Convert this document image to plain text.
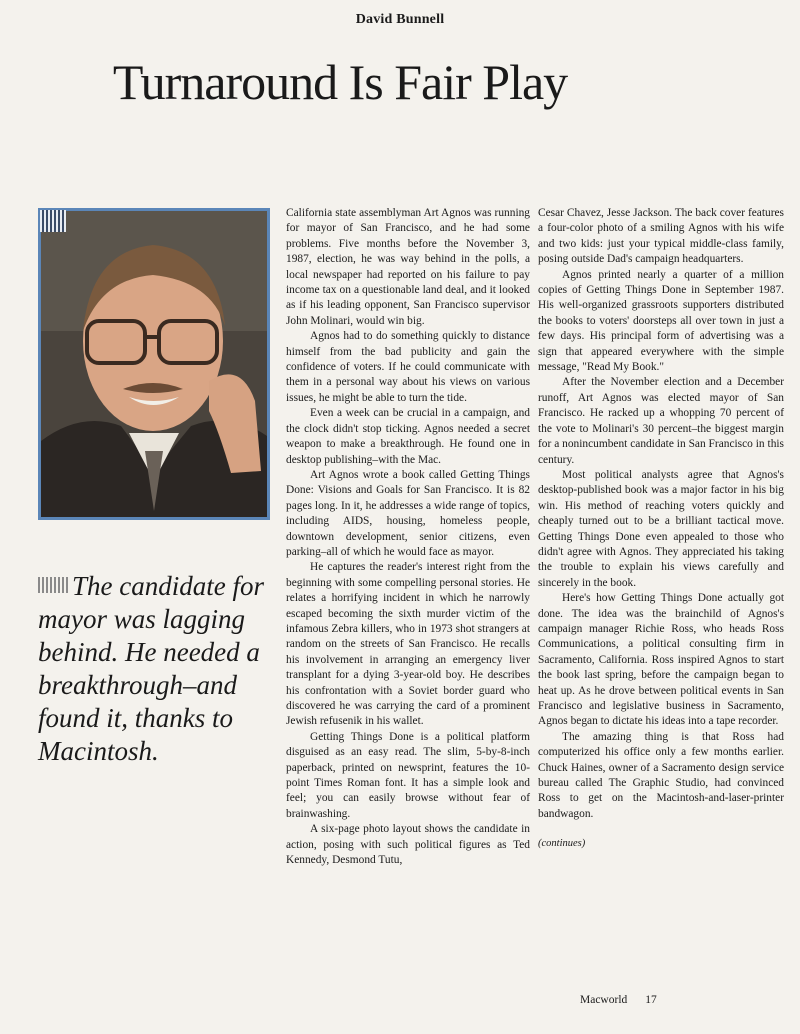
David Bunnell
Turnaround Is Fair Play
The candidate for mayor was lagging behind. He needed a breakthrough–and found it, thanks to Macintosh.

California state assemblyman Art Agnos was running for mayor of San Francisco, and he had some problems. Five months before the November 3, 1987, election, he was way behind in the polls, a local newspaper had reported on his failure to pay income tax on a questionable land deal, and it looked as if his leading opponent, San Francisco supervisor John Molinari, would win big.

Agnos had to do something quickly to distance himself from the bad publicity and gain the confidence of voters. If he could communicate with them in a personal way about his views on various issues, he might be able to turn the tide.

Even a week can be crucial in a campaign, and the clock didn't stop ticking. Agnos needed a secret weapon to make a breakthrough. He found one in desktop publishing–with the Mac.

Art Agnos wrote a book called Getting Things Done: Visions and Goals for San Francisco. It is 82 pages long. In it, he addresses a wide range of topics, including AIDS, housing, homeless people, downtown development, senior citizens, even parking–all of which he would face as mayor.

He captures the reader's interest right from the beginning with some compelling personal stories. He relates a horrifying incident in which he narrowly escaped becoming the sixth murder victim of the infamous Zebra killers, who in 1973 shot strangers at random on the streets of San Francisco. He recalls his involvement in arranging an emergency liver transplant for a dying 3-year-old boy. He describes his confrontation with a Soviet border guard who discovered he was carrying the card of a prominent Jewish refusenik in his wallet.

Getting Things Done is a political platform disguised as an easy read. The slim, 5-by-8-inch paperback, printed on newsprint, features the 10-point Times Roman font. It has a simple look and feel; you can easily browse without fear of brainwashing.

A six-page photo layout shows the candidate in action, posing with such political figures as Ted Kennedy, Desmond Tutu,

Cesar Chavez, Jesse Jackson. The back cover features a four-color photo of a smiling Agnos with his wife and two kids: just your typical middle-class family, posing outside Dad's campaign headquarters.

Agnos printed nearly a quarter of a million copies of Getting Things Done in September 1987. His well-organized grassroots supporters distributed the books to voters' doorsteps all over town in just a few days. His principal form of advertising was a sign that appeared everywhere with the simple message, "Read My Book."

After the November election and a December runoff, Art Agnos was elected mayor of San Francisco. He racked up a whopping 70 percent of the vote to Molinari's 30 percent–the biggest margin for a nonincumbent candidate in San Francisco in this century.

Most political analysts agree that Agnos's desktop-published book was a major factor in his big win. His method of reaching voters quickly and cheaply turned out to be a brilliant tactical move. Getting Things Done even appealed to those who didn't agree with Agnos. They appreciated his taking the trouble to explain his views carefully and sincerely in the book.

Here's how Getting Things Done actually got done. The idea was the brainchild of Agnos's campaign manager Richie Ross, who heads Ross Communications, a political consulting firm in Sacramento, California. Ross inspired Agnos to start the book last spring, before the campaign began to heat up. As he drove between political events in San Francisco and legislative business in Sacramento, Agnos began to dictate his ideas into a tape recorder.

The amazing thing is that Ross had computerized his office only a few months earlier. Chuck Haines, owner of a Sacramento design service bureau called The Graphic Studio, had convinced Ross to get on the Macintosh-and-laser-printer bandwagon.

(continues)

Macworld 17
